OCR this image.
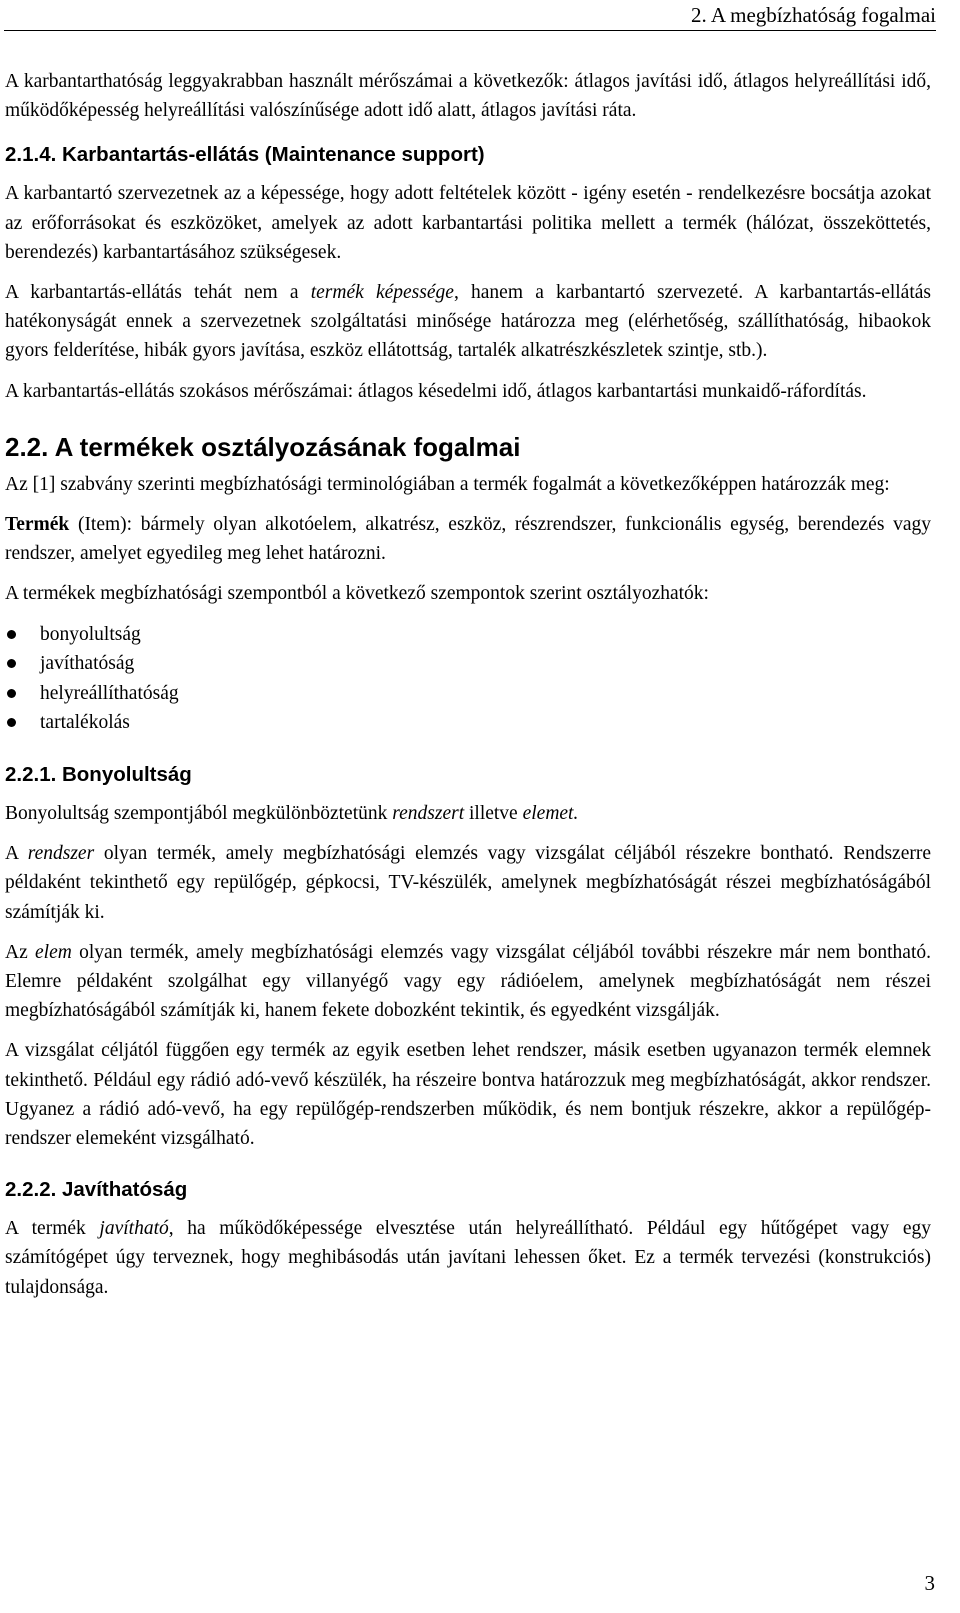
2. A megbízhatóság fogalmai

A karbantarthatóság leggyakrabban használt mérőszámai a következők: átlagos javítási idő, átlagos helyreállítási idő, működőképesség helyreállítási valószínűsége adott idő alatt, átlagos javítási ráta.

2.1.4. Karbantartás-ellátás (Maintenance support)

A karbantartó szervezetnek az a képessége, hogy adott feltételek között - igény esetén - rendelkezésre bocsátja azokat az erőforrásokat és eszközöket, amelyek az adott karbantartási politika mellett a termék (hálózat, összeköttetés, berendezés) karbantartásához szükségesek.

A karbantartás-ellátás tehát nem a termék képessége, hanem a karbantartó szervezeté. A karbantartás-ellátás hatékonyságát ennek a szervezetnek szolgáltatási minősége határozza meg (elérhetőség, szállíthatóság, hibaokok gyors felderítése, hibák gyors javítása, eszköz ellátottság, tartalék alkatrészkészletek szintje, stb.).

A karbantartás-ellátás szokásos mérőszámai: átlagos késedelmi idő, átlagos karbantartási munkaidő-ráfordítás.

2.2. A termékek osztályozásának fogalmai

Az [1] szabvány szerinti megbízhatósági terminológiában a termék fogalmát a következőképpen határozzák meg:

Termék (Item): bármely olyan alkotóelem, alkatrész, eszköz, részrendszer, funkcionális egység, berendezés vagy rendszer, amelyet egyedileg meg lehet határozni.

A termékek megbízhatósági szempontból a következő szempontok szerint osztályozhatók:

bonyolultság
javíthatóság
helyreállíthatóság
tartalékolás
2.2.1. Bonyolultság

Bonyolultság szempontjából megkülönböztetünk rendszert illetve elemet.

A rendszer olyan termék, amely megbízhatósági elemzés vagy vizsgálat céljából részekre bontható. Rendszerre példaként tekinthető egy repülőgép, gépkocsi, TV-készülék, amelynek megbízhatóságát részei megbízhatóságából számítják ki.

Az elem olyan termék, amely megbízhatósági elemzés vagy vizsgálat céljából további részekre már nem bontható. Elemre példaként szolgálhat egy villanyégő vagy egy rádióelem, amelynek megbízhatóságát nem részei megbízhatóságából számítják ki, hanem fekete dobozként tekintik, és egyedként vizsgálják.

A vizsgálat céljától függően egy termék az egyik esetben lehet rendszer, másik esetben ugyanazon termék elemnek tekinthető. Például egy rádió adó-vevő készülék, ha részeire bontva határozzuk meg megbízhatóságát, akkor rendszer. Ugyanez a rádió adó-vevő, ha egy repülőgép-rendszerben működik, és nem bontjuk részekre, akkor a repülőgép-rendszer elemeként vizsgálható.

2.2.2. Javíthatóság

A termék javítható, ha működőképessége elvesztése után helyreállítható. Például egy hűtőgépet vagy egy számítógépet úgy terveznek, hogy meghibásodás után javítani lehessen őket. Ez a termék tervezési (konstrukciós) tulajdonsága.

3
